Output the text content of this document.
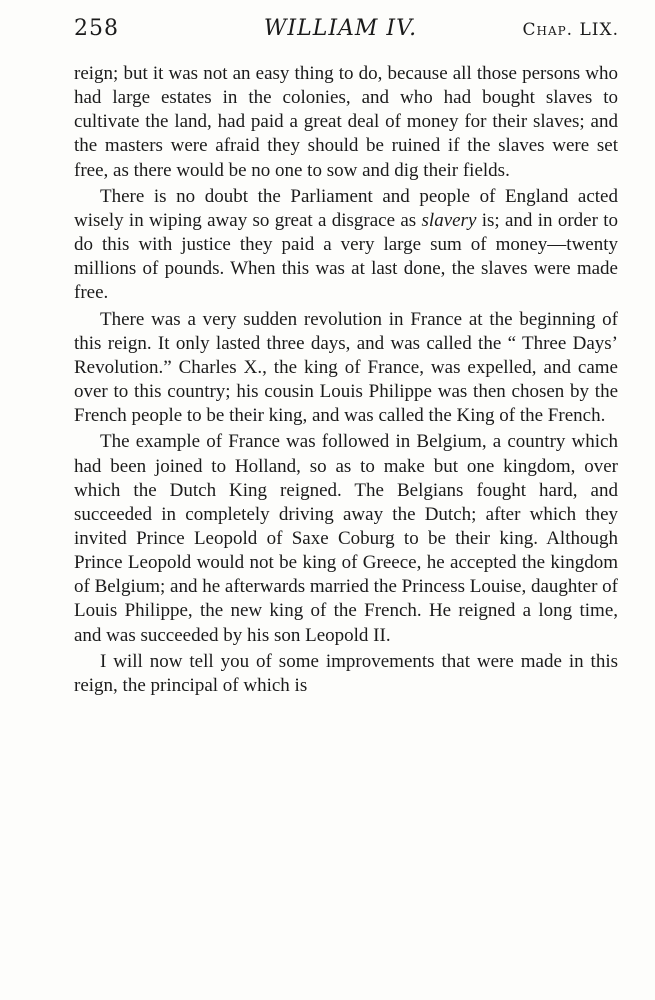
258	WILLIAM IV.	Chap. LIX.

reign; but it was not an easy thing to do, because all those persons who had large estates in the colonies, and who had bought slaves to cultivate the land, had paid a great deal of money for their slaves; and the masters were afraid they should be ruined if the slaves were set free, as there would be no one to sow and dig their fields.

There is no doubt the Parliament and people of England acted wisely in wiping away so great a disgrace as slavery is; and in order to do this with justice they paid a very large sum of money—twenty millions of pounds. When this was at last done, the slaves were made free.

There was a very sudden revolution in France at the beginning of this reign. It only lasted three days, and was called the “ Three Days’ Revolution.” Charles X., the king of France, was expelled, and came over to this country; his cousin Louis Philippe was then chosen by the French people to be their king, and was called the King of the French.

The example of France was followed in Belgium, a country which had been joined to Holland, so as to make but one kingdom, over which the Dutch King reigned. The Belgians fought hard, and succeeded in completely driving away the Dutch; after which they invited Prince Leopold of Saxe Coburg to be their king. Although Prince Leopold would not be king of Greece, he accepted the kingdom of Belgium; and he afterwards married the Princess Louise, daughter of Louis Philippe, the new king of the French. He reigned a long time, and was succeeded by his son Leopold II.

I will now tell you of some improvements that were made in this reign, the principal of which is
